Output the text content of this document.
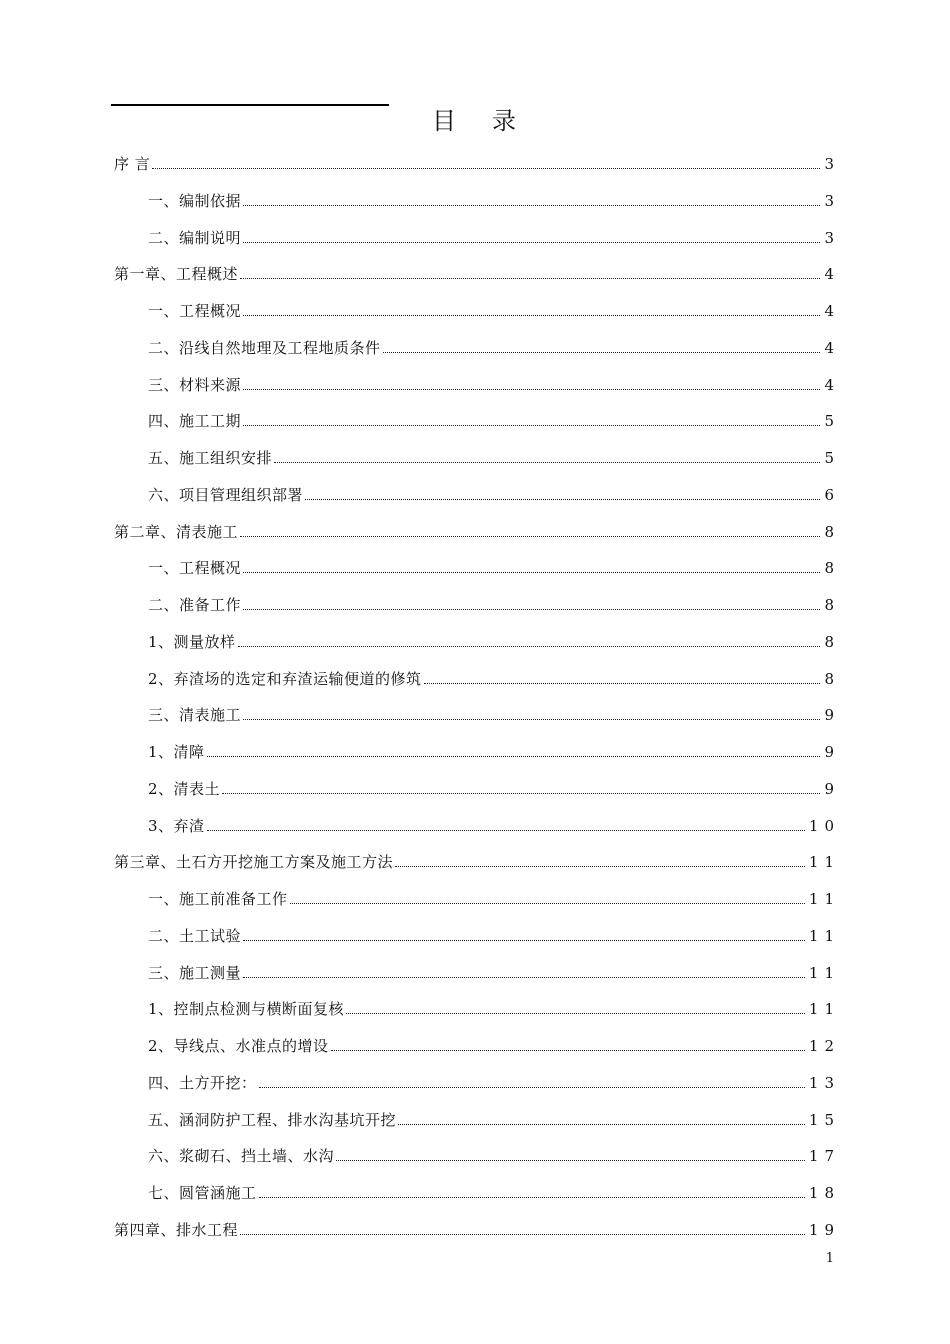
目录
序 言	3
一、编制依据	3
二、编制说明	3
第一章、工程概述	4
一、工程概况	4
二、沿线自然地理及工程地质条件	4
三、材料来源	4
四、施工工期	5
五、施工组织安排	5
六、项目管理组织部署	6
第二章、清表施工	8
一、工程概况	8
二、准备工作	8
1、测量放样	8
2、弃渣场的选定和弃渣运输便道的修筑	8
三、清表施工	9
1、清障	9
2、清表土	9
3、弃渣	10
第三章、土石方开挖施工方案及施工方法	11
一、施工前准备工作	11
二、土工试验	11
三、施工测量	11
1、控制点检测与横断面复核	11
2、导线点、水准点的增设	12
四、土方开挖：	13
五、涵洞防护工程、排水沟基坑开挖	15
六、浆砌石、挡土墙、水沟	17
七、圆管涵施工	18
第四章、排水工程	19
1
